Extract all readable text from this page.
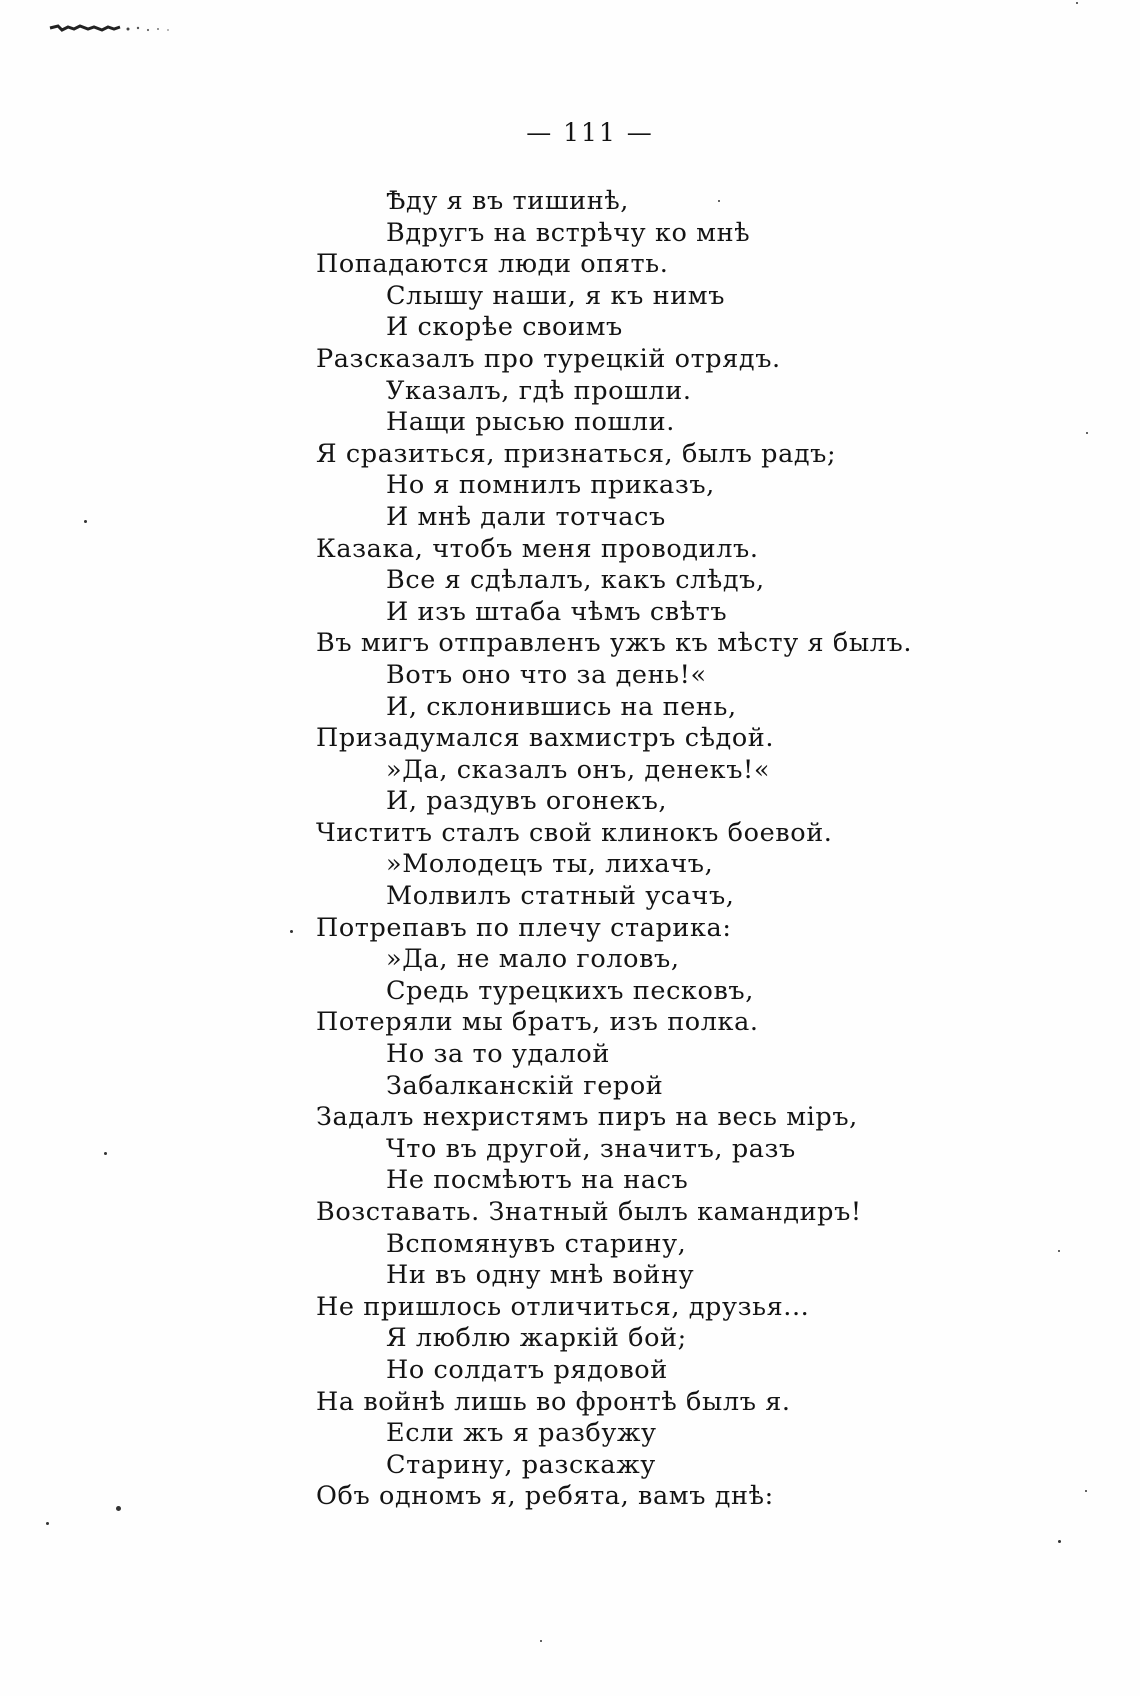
— 111 —
Ѣду я въ тишинѣ,
Вдругъ на встрѣчу ко мнѣ
Попадаются люди опять.
Слышу наши, я къ нимъ
И скорѣе своимъ
Разсказалъ про турецкій отрядъ.
Указалъ, гдѣ прошли.
Нащи рысью пошли.
Я сразиться, признаться, былъ радъ;
Но я помнилъ приказъ,
И мнѣ дали тотчасъ
Казака, чтобъ меня проводилъ.
Все я сдѣлалъ, какъ слѣдъ,
И изъ штаба чѣмъ свѣтъ
Въ мигъ отправленъ ужъ къ мѣсту я былъ.
Вотъ оно что за день!«
И, склонившись на пень,
Призадумался вахмистръ сѣдой.
»Да, сказалъ онъ, денекъ!«
И, раздувъ огонекъ,
Чиститъ сталъ свой клинокъ боевой.
»Молодецъ ты, лихачъ,
Молвилъ статный усачъ,
Потрепавъ по плечу старика:
»Да, не мало головъ,
Средь турецкихъ песковъ,
Потеряли мы братъ, изъ полка.
Но за то удалой
Забалканскій герой
Задалъ нехристямъ пиръ на весь міръ,
Что въ другой, значитъ, разъ
Не посмѣютъ на насъ
Возставать. Знатный былъ камандиръ!
Вспомянувъ старину,
Ни въ одну мнѣ войну
Не пришлось отличиться, друзья...
Я люблю жаркій бой;
Но солдатъ рядовой
На войнѣ лишь во фронтѣ былъ я.
Если жъ я разбужу
Старину, разскажу
Объ одномъ я, ребята, вамъ днѣ:
